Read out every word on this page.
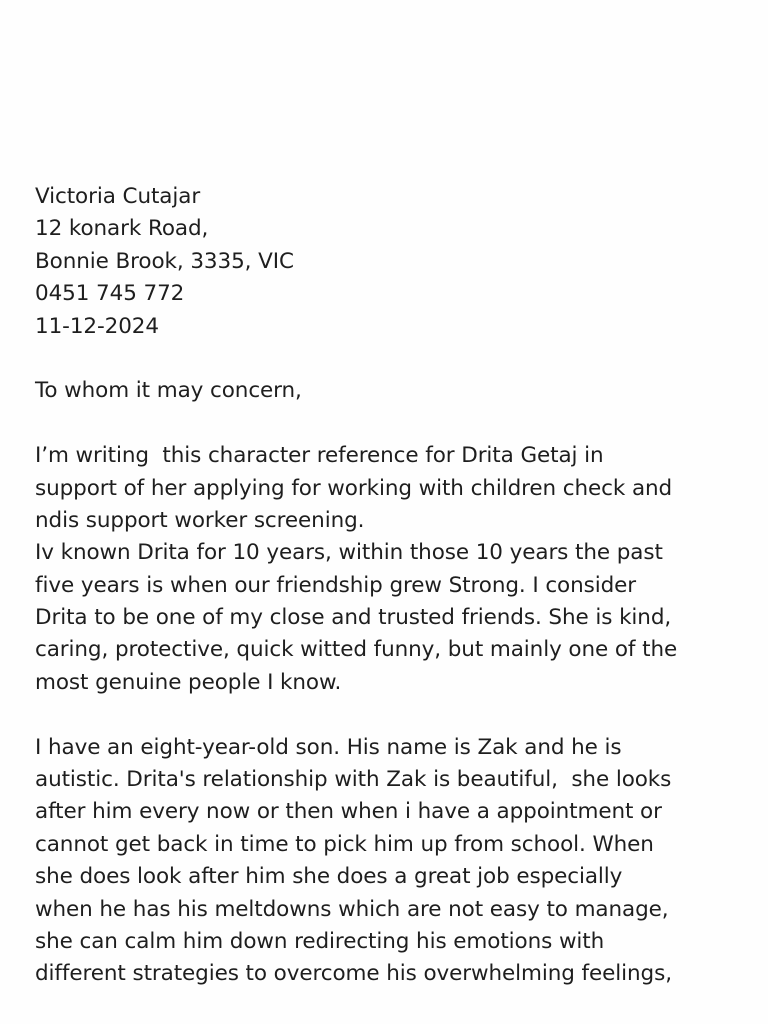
Victoria Cutajar
12 konark Road,
Bonnie Brook, 3335, VIC
0451 745 772
11-12-2024
To whom it may concern,
I’m writing  this character reference for Drita Getaj in
support of her applying for working with children check and
ndis support worker screening.
Iv known Drita for 10 years, within those 10 years the past
five years is when our friendship grew Strong. I consider
Drita to be one of my close and trusted friends. She is kind,
caring, protective, quick witted funny, but mainly one of the
most genuine people I know.
I have an eight-year-old son. His name is Zak and he is
autistic. Drita's relationship with Zak is beautiful,  she looks
after him every now or then when i have a appointment or
cannot get back in time to pick him up from school. When
she does look after him she does a great job especially
when he has his meltdowns which are not easy to manage,
she can calm him down redirecting his emotions with
different strategies to overcome his overwhelming feelings,
